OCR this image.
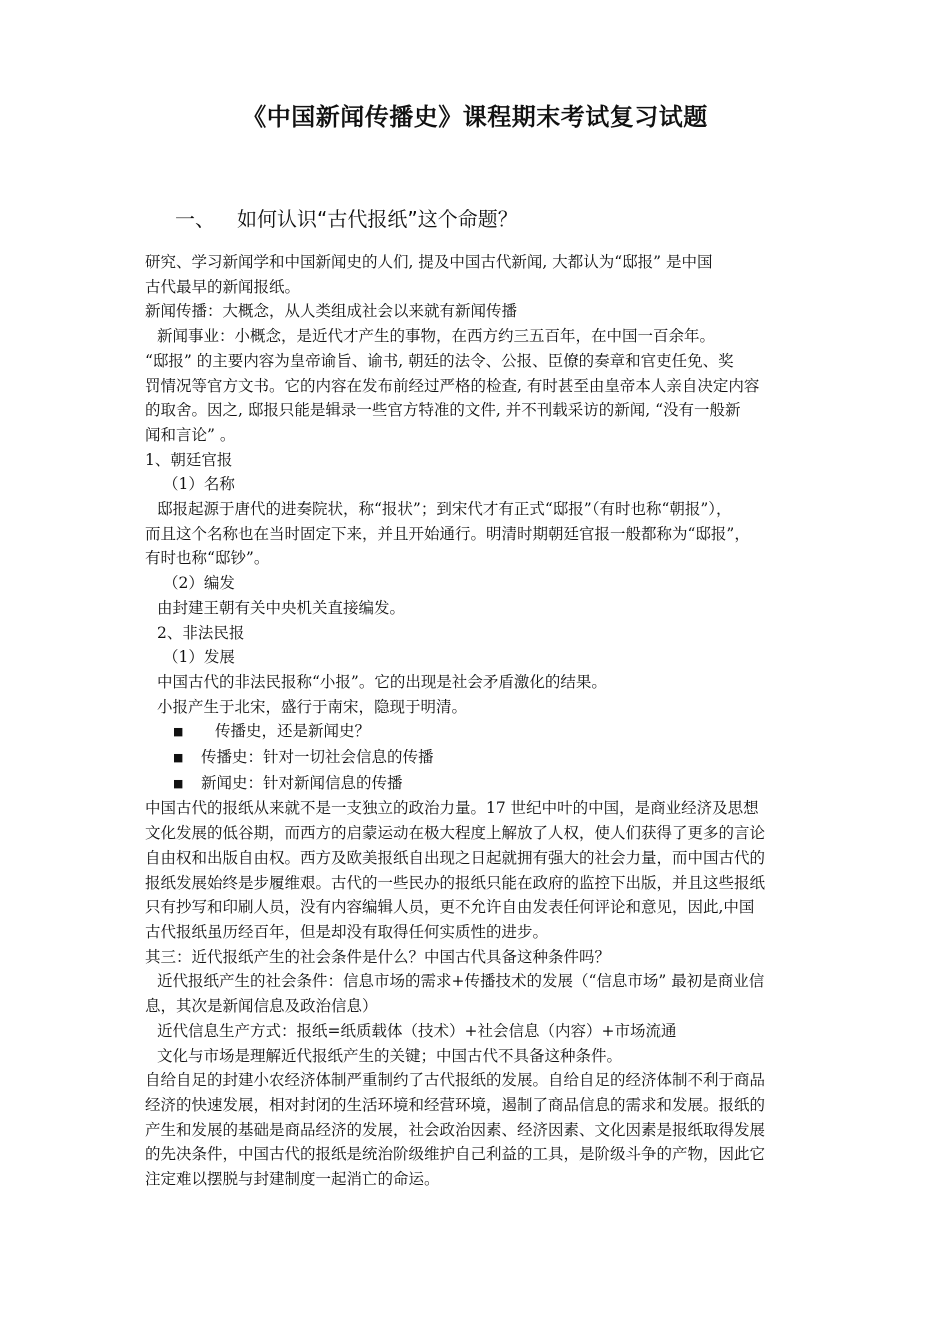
《中国新闻传播史》课程期末考试复习试题
一、 如何认识“古代报纸”这个命题？

研究、学习新闻学和中国新闻史的人们, 提及中国古代新闻, 大都认为“邸报” 是中国

古代最早的新闻报纸。

新闻传播：大概念，从人类组成社会以来就有新闻传播

新闻事业：小概念，是近代才产生的事物，在西方约三五百年，在中国一百余年。

“邸报” 的主要内容为皇帝谕旨、谕书, 朝廷的法令、公报、臣僚的奏章和官吏任免、奖

罚情况等官方文书。它的内容在发布前经过严格的检查, 有时甚至由皇帝本人亲自决定内容

的取舍。因之, 邸报只能是辑录一些官方特准的文件, 并不刊载采访的新闻, “没有一般新

闻和言论” 。

1、朝廷官报

（1）名称

邸报起源于唐代的进奏院状，称“报状”；到宋代才有正式“邸报”（有时也称“朝报”），

而且这个名称也在当时固定下来，并且开始通行。明清时期朝廷官报一般都称为“邸报”，

有时也称“邸钞”。

（2）编发

由封建王朝有关中央机关直接编发。

2、非法民报

（1）发展

中国古代的非法民报称“小报”。它的出现是社会矛盾激化的结果。

小报产生于北宋，盛行于南宋，隐现于明清。

■ 传播史，还是新闻史？

■ 传播史：针对一切社会信息的传播

■ 新闻史：针对新闻信息的传播

中国古代的报纸从来就不是一支独立的政治力量。17 世纪中叶的中国，是商业经济及思想

文化发展的低谷期，而西方的启蒙运动在极大程度上解放了人权，使人们获得了更多的言论

自由权和出版自由权。西方及欧美报纸自出现之日起就拥有强大的社会力量，而中国古代的

报纸发展始终是步履维艰。古代的一些民办的报纸只能在政府的监控下出版，并且这些报纸

只有抄写和印刷人员，没有内容编辑人员，更不允许自由发表任何评论和意见，因此,中国

古代报纸虽历经百年，但是却没有取得任何实质性的进步。

其三：近代报纸产生的社会条件是什么？中国古代具备这种条件吗？

近代报纸产生的社会条件：信息市场的需求+传播技术的发展（“信息市场” 最初是商业信

息，其次是新闻信息及政治信息）

近代信息生产方式：报纸=纸质载体（技术）+社会信息（内容）+市场流通

文化与市场是理解近代报纸产生的关键；中国古代不具备这种条件。

自给自足的封建小农经济体制严重制约了古代报纸的发展。自给自足的经济体制不利于商品

经济的快速发展，相对封闭的生活环境和经营环境，遏制了商品信息的需求和发展。报纸的

产生和发展的基础是商品经济的发展，社会政治因素、经济因素、文化因素是报纸取得发展

的先决条件，中国古代的报纸是统治阶级维护自己利益的工具，是阶级斗争的产物，因此它

注定难以摆脱与封建制度一起消亡的命运。
